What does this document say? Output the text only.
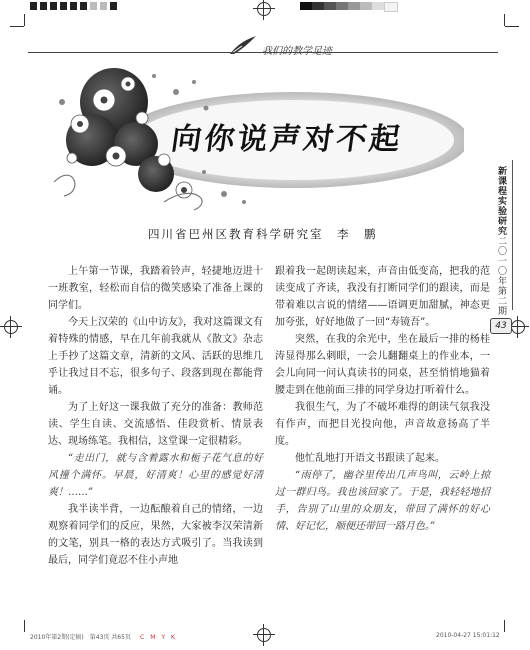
新课程实验研究
二〇一〇年第二期
43
向你说声对不起
四川省巴州区教育科学研究室　李　鹏

上午第一节课，我踏着铃声，轻捷地迈进十一班教室，轻松而自信的微笑感染了准备上课的同学们。

今天上汉荣的《山中访友》，我对这篇课文有着特殊的情感，早在几年前我就从《散文》杂志上手抄了这篇文章，清新的文风、活跃的思维几乎让我过目不忘，很多句子、段落到现在都能背诵。

为了上好这一课我做了充分的准备：教师范读、学生自读、交流感悟、佳段赏析、情景表达、现场练笔。我相信，这堂课一定很精彩。

“走出门，就与含着露水和栀子花气息的好风撞个满怀。早晨，好清爽！心里的感觉好清爽！……”

我半读半背，一边酝酿着自己的情绪，一边观察着同学们的反应，果然，大家被李汉荣清新的文笔，别具一格的表达方式吸引了。当我读到最后，同学们竟忍不住小声地

跟着我一起朗读起来，声音由低变高，把我的范读变成了齐读，我没有打断同学们的跟读，而是带着难以言说的情绪——语调更加甜腻，神态更加夸张，好好地做了一回“寿镜吾”。

突然，在我的余光中，坐在最后一排的杨桂涛显得那么刺眼，一会儿翻翻桌上的作业本，一会儿向同一问认真读书的同桌，甚至悄悄地猫着腰走到在他前面三排的同学身边打听着什么。

我很生气，为了不破坏难得的朗读气氛我没有作声，而把目光投向他，声音故意扬高了半度。

他忙乱地打开语文书跟读了起来。

“雨停了，幽谷里传出几声鸟叫，云岭上掠过一群归鸟。我也该回家了。于是，我轻轻地招手，告别了山里的众朋友，带回了满怀的好心情、好记忆，顺便还带回一路月色。”

2010年第2期(定稿)　第43页 共65页 C　M　Y　K	2010-04-27 15:01:12
